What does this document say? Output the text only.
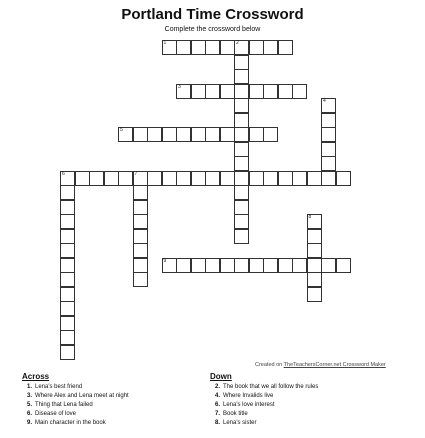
Portland Time Crossword
Complete the crossword below
1	2
3
4
5
6	7
8
9
Created on TheTeachersCorner.net Crossword Maker
Across
1. Lena's best friend
3. Where Alex and Lena meet at night
5. Thing that Lena failed
6. Disease of love
9. Main character in the book
Down
2. The book that we all follow the rules
4. Where Invalids live
6. Lena's love interest
7. Book title
8. Lena's sister
